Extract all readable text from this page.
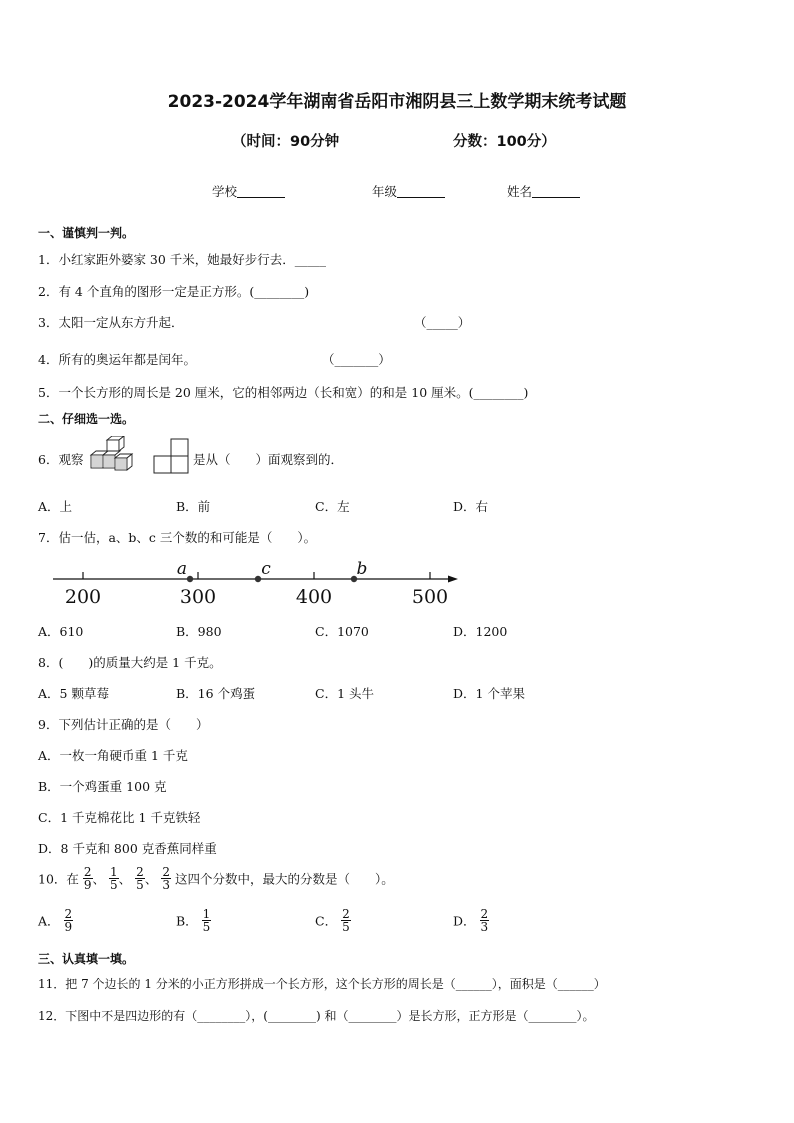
2023-2024学年湖南省岳阳市湘阴县三上数学期末统考试题
（时间：90分钟	分数：100分）
学校	年级	姓名
一、谨慎判一判。
1．小红家距外婆家 30 千米，她最好步行去．_____
2．有 4 个直角的图形一定是正方形。(________)
3．太阳一定从东方升起．	（_____）
4．所有的奥运年都是闰年。	（_______）
5．一个长方形的周长是 20 厘米，它的相邻两边（长和宽）的和是 10 厘米。(________)
二、仔细选一选。
6．观察	是从（　　）面观察到的．
A．上	B．前	C．左	D．右
7．估一估，a、b、c 三个数的和可能是（　　）。
200	300	400	500
a	c	b
A．610	B．980	C．1070	D．1200
8．(　　)的质量大约是 1 千克。
A．5 颗草莓	B．16 个鸡蛋	C．1 头牛	D．1 个苹果
9．下列估计正确的是（　　）
A．一枚一角硬币重 1 千克
B．一个鸡蛋重 100 克
C．1 千克棉花比 1 千克铁轻
D．8 千克和 800 克香蕉同样重
10．在 $\frac{2}{9}$ 、 $\frac{1}{5}$ 、 $\frac{2}{5}$ 、 $\frac{2}{3}$ 这四个分数中，最大的分数是（　　）。
A． $\frac{2}{9}$	B． $\frac{1}{5}$	C． $\frac{2}{5}$	D． $\frac{2}{3}$
三、认真填一填。
11．把 7 个边长的 1 分米的小正方形拼成一个长方形，这个长方形的周长是（______），面积是（______）
12．下图中不是四边形的有（________），(________) 和（________）是长方形，正方形是（________）。
